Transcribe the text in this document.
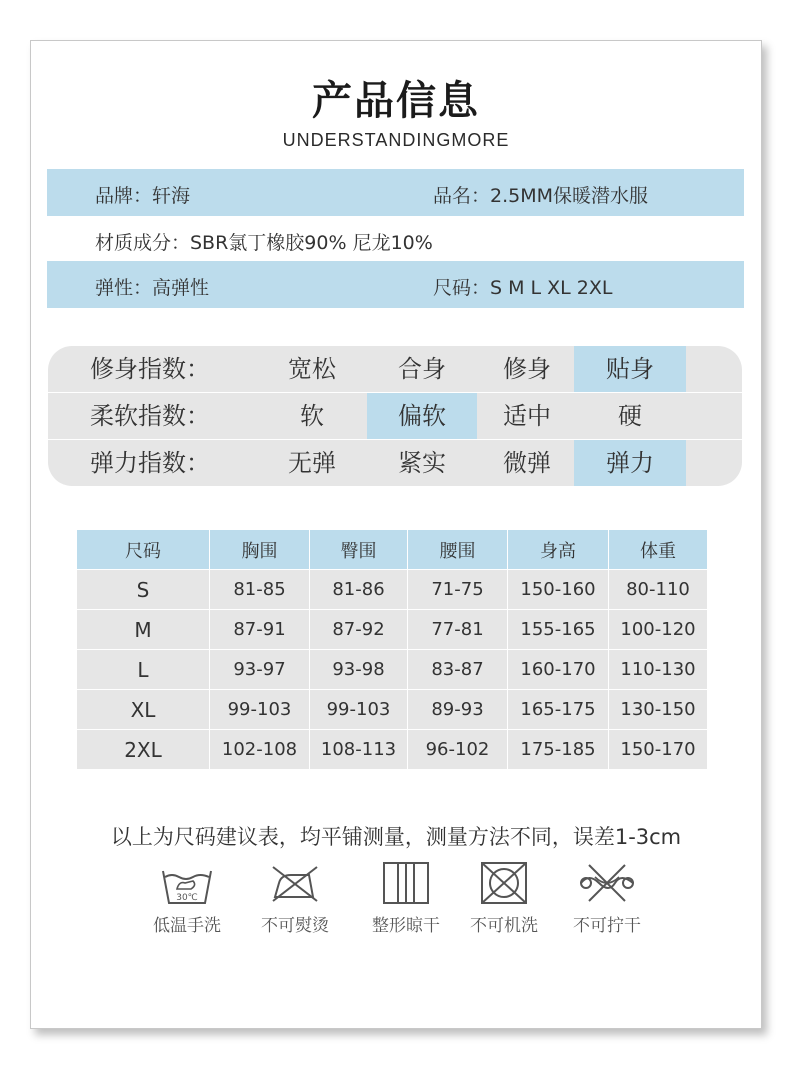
产品信息
UNDERSTANDINGMORE
品牌：轩海	品名：2.5MM保暖潜水服
材质成分：SBR氯丁橡胶90% 尼龙10%
弹性：高弹性	尺码：S M L XL 2XL
修身指数：	宽松	合身	修身	贴身
柔软指数：	软	偏软	适中	硬
弹力指数：	无弹	紧实	微弹	弹力
尺码	胸围	臀围	腰围	身高	体重
S	81-85	81-86	71-75	150-160	80-110
M	87-91	87-92	77-81	155-165	100-120
L	93-97	93-98	83-87	160-170	110-130
XL	99-103	99-103	89-93	165-175	130-150
2XL	102-108	108-113	96-102	175-185	150-170
以上为尺码建议表，均平铺测量，测量方法不同，误差1-3cm
30℃
低温手洗	不可熨烫	整形晾干	不可机洗	不可拧干
